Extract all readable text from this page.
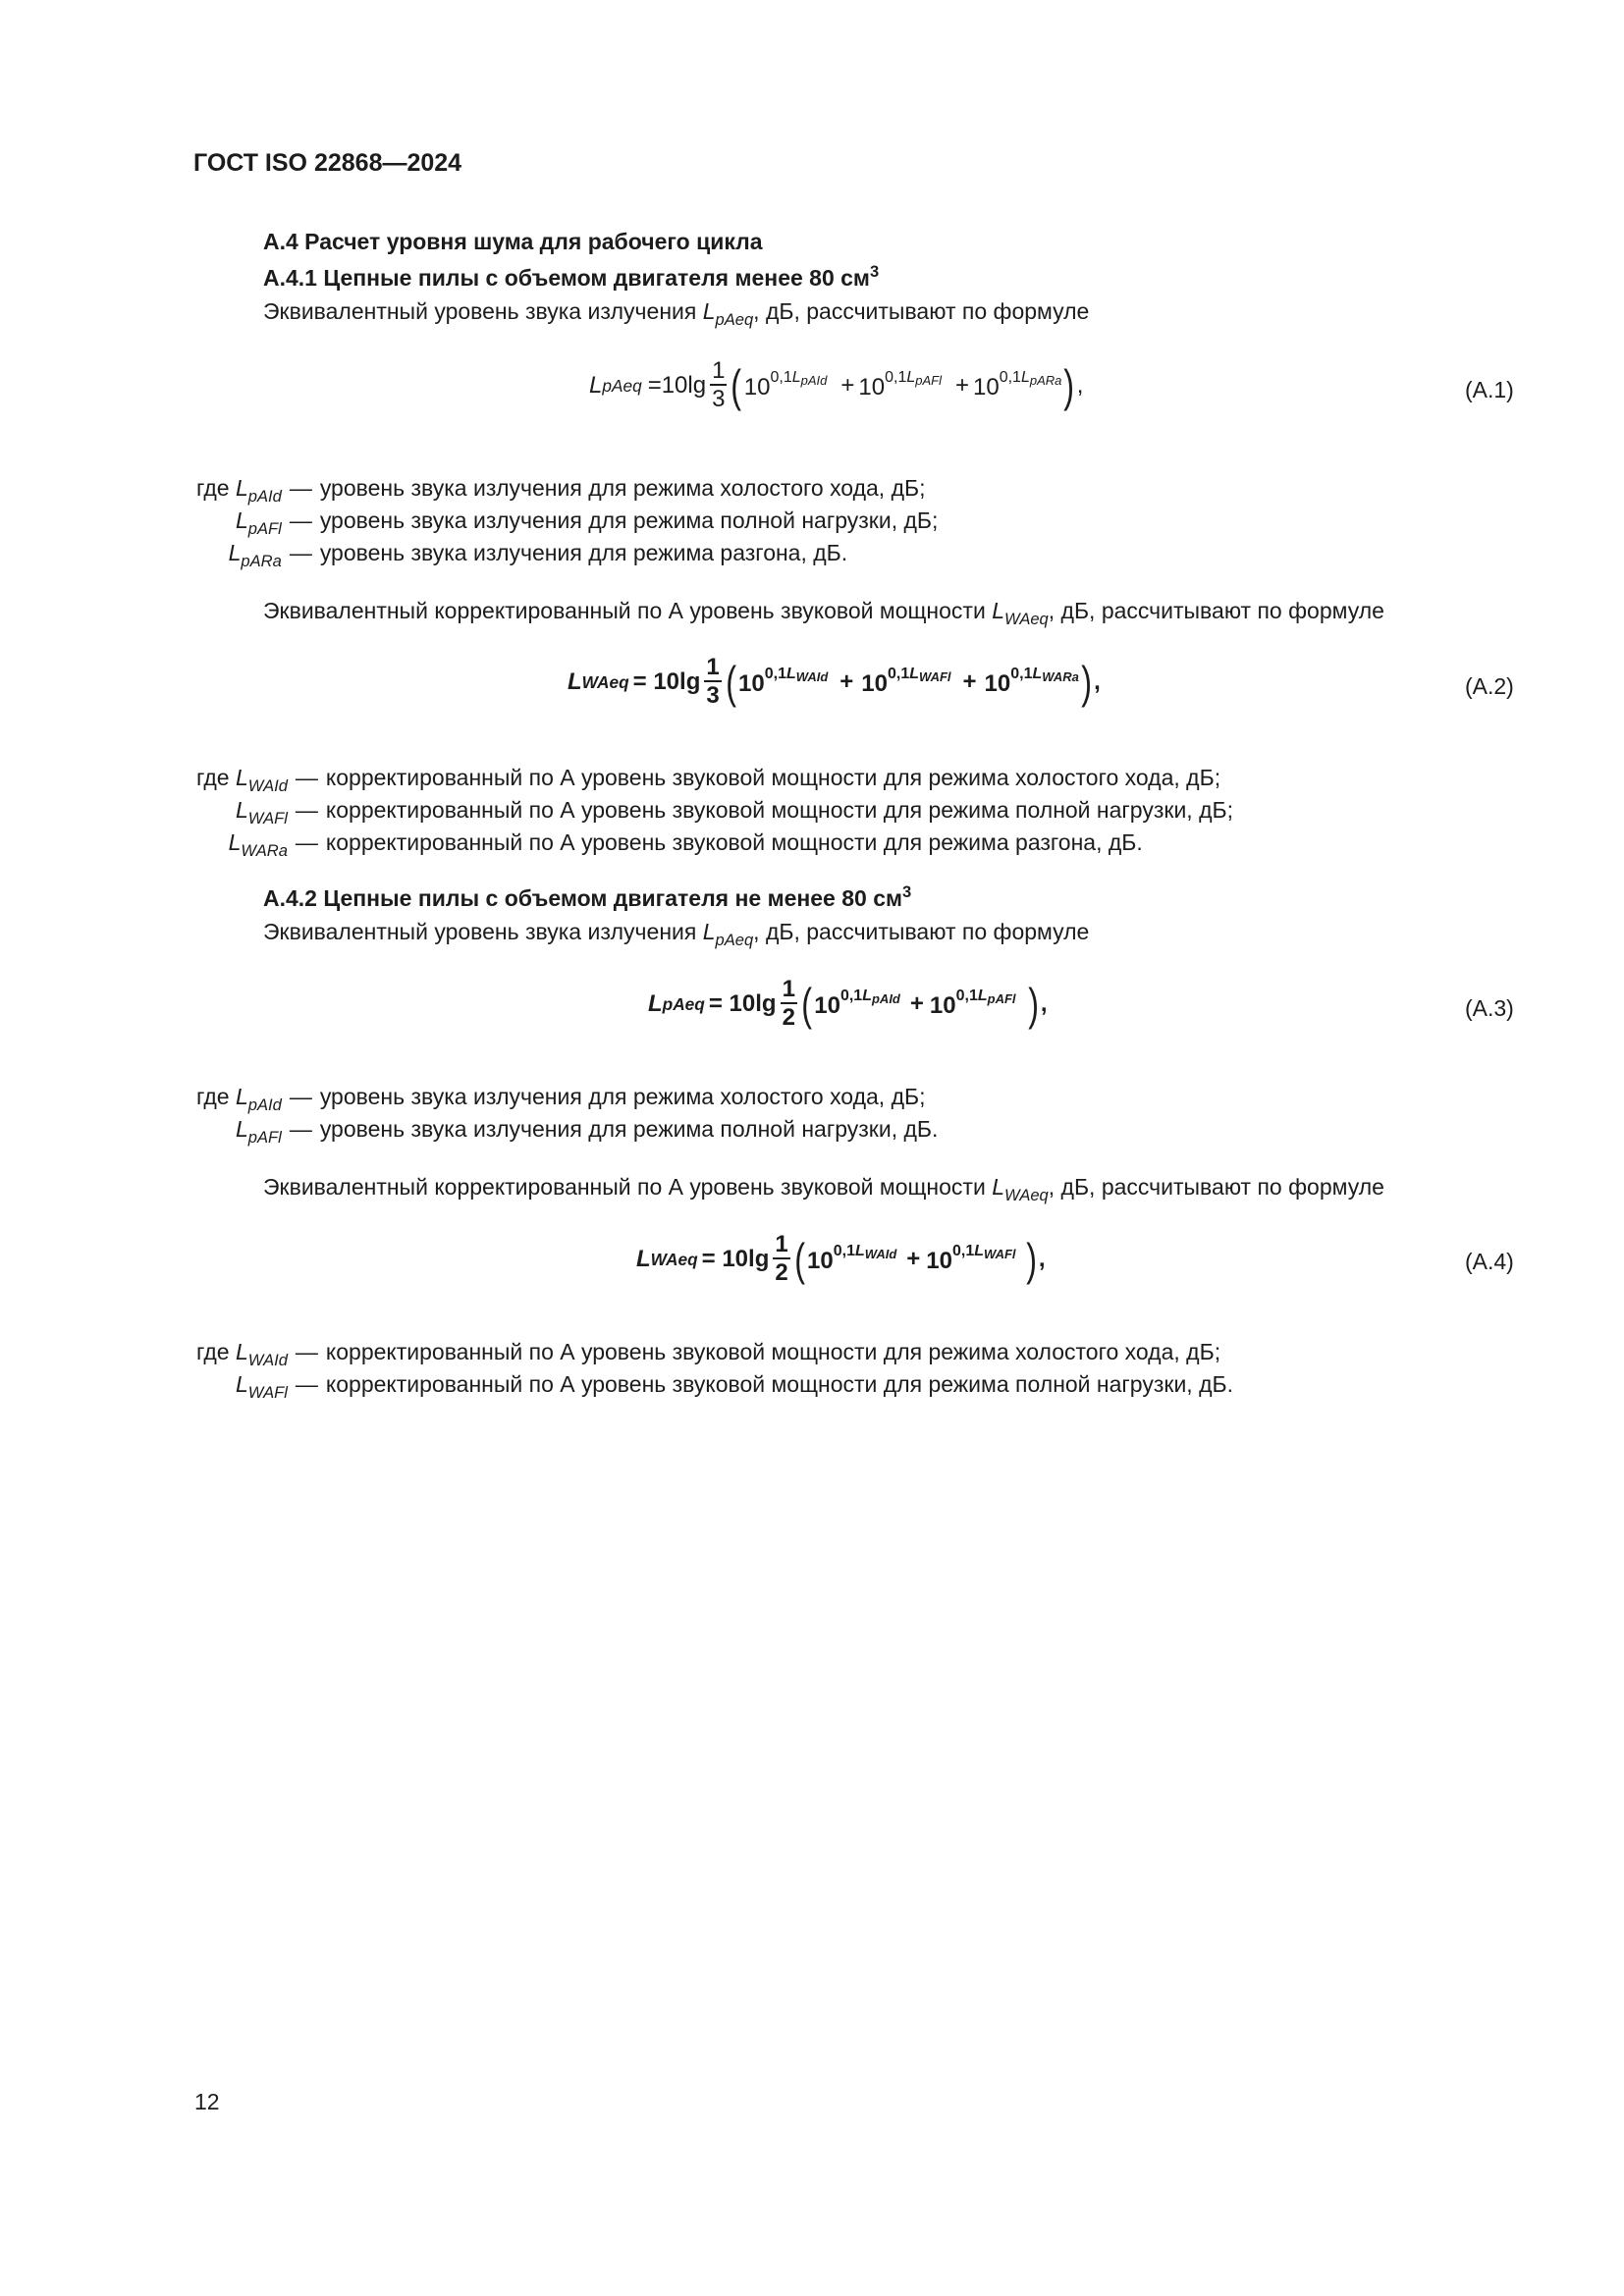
ГОСТ ISO 22868—2024
А.4 Расчет уровня шума для рабочего цикла
А.4.1 Цепные пилы с объемом двигателя менее 80 $см^3$
Эквивалентный уровень звука излучения $L_{pAeq}$, дБ, рассчитывают по формуле
L pAeq $=10\lg \frac{1}{3}$ ( $10^{0,1L_{pAId}} + 10^{0,1L_{pAFl}} + 10^{0,1L_{pARa}}$ ) ,	(А.1)
где $L_{pAId}$ — уровень звука излучения для режима холостого хода, дБ;
$L_{pAFl}$ — уровень звука излучения для режима полной нагрузки, дБ;
$L_{pARa}$ — уровень звука излучения для режима разгона, дБ.
Эквивалентный корректированный по А уровень звуковой мощности $L_{WAeq}$, дБ, рассчитывают по формуле
L WAeq = $10\lg \frac{1}{3}$ ( $10^{0,1L_{WAId}} + 10^{0,1L_{WAFl}} + 10^{0,1L_{WARa}}$ ) ,	(А.2)
где $L_{WAId}$ — корректированный по А уровень звуковой мощности для режима холостого хода, дБ;
$L_{WAFl}$ — корректированный по А уровень звуковой мощности для режима полной нагрузки, дБ;
$L_{WARa}$ — корректированный по А уровень звуковой мощности для режима разгона, дБ.
А.4.2 Цепные пилы с объемом двигателя не менее 80 $см^3$
Эквивалентный уровень звука излучения $L_{pAeq}$, дБ, рассчитывают по формуле
L pAeq = $10\lg \frac{1}{2}$ ( $10^{0,1L_{pAId}} + 10^{0,1L_{pAFl}}$ ) ,	(А.3)
где $L_{pAId}$ — уровень звука излучения для режима холостого хода, дБ;
$L_{pAFl}$ — уровень звука излучения для режима полной нагрузки, дБ.
Эквивалентный корректированный по А уровень звуковой мощности $L_{WAeq}$, дБ, рассчитывают по формуле
L WAeq = $10\lg \frac{1}{2}$ ( $10^{0,1L_{WAId}} + 10^{0,1L_{WAFl}}$ ) ,	(А.4)
где $L_{WAId}$ — корректированный по А уровень звуковой мощности для режима холостого хода, дБ;
$L_{WAFl}$ — корректированный по А уровень звуковой мощности для режима полной нагрузки, дБ.
12
